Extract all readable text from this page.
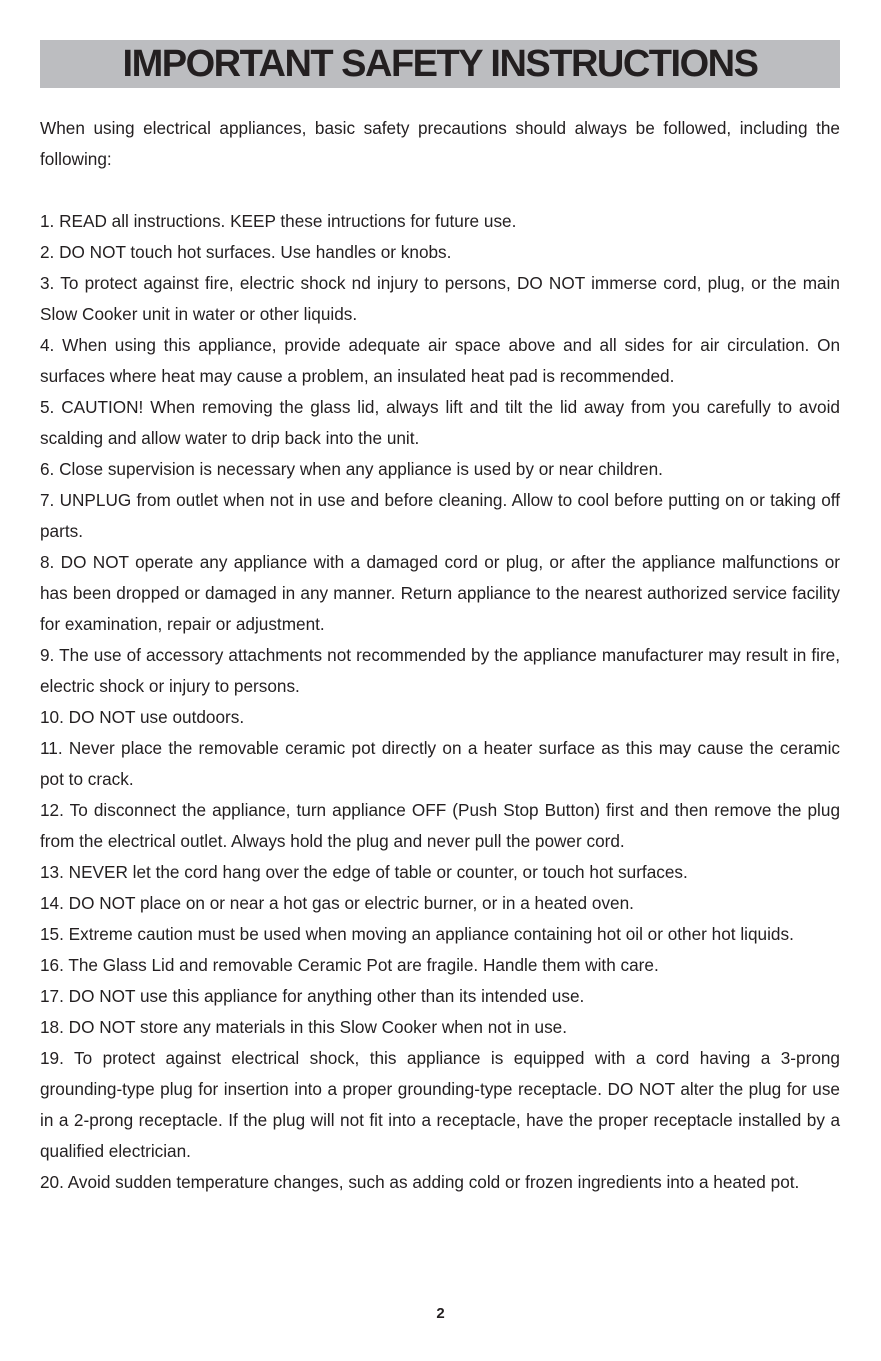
IMPORTANT SAFETY INSTRUCTIONS

When using electrical appliances, basic safety precautions should always be followed, including the following:

1. READ all instructions. KEEP these intructions for future use.

2. DO NOT touch hot surfaces. Use handles or knobs.

3. To protect against fire, electric shock nd injury to persons, DO NOT immerse cord, plug, or the main Slow Cooker unit in water or other liquids.

4. When using this appliance, provide adequate air space above and all sides for air circulation. On surfaces where heat may cause a problem, an insulated heat pad is recommended.

5. CAUTION! When removing the glass lid, always lift and tilt the lid away from you carefully to avoid scalding and allow water to drip back into the unit.

6. Close supervision is necessary when any appliance is used by or near children.

7. UNPLUG from outlet when not in use and before cleaning. Allow to cool before putting on or taking off parts.

8. DO NOT operate any appliance with a damaged cord or plug, or after the appliance malfunctions or has been dropped or damaged in any manner. Return appliance to the nearest authorized service facility for examination, repair or adjustment.

9. The use of accessory attachments not recommended by the appliance manufacturer may result in fire, electric shock or injury to persons.

10. DO NOT use outdoors.

11. Never place the removable ceramic pot directly on a heater surface as this may cause the ceramic pot to crack.

12. To disconnect the appliance, turn appliance OFF (Push Stop Button) first and then remove the plug from the electrical outlet. Always hold the plug and never pull the power cord.

13. NEVER let the cord hang over the edge of table or counter, or touch hot surfaces.

14. DO NOT place on or near a hot gas or electric burner, or in a heated oven.

15. Extreme caution must be used when moving an appliance containing hot oil or other hot liquids.

16. The Glass Lid and removable Ceramic Pot are fragile. Handle them with care.

17. DO NOT use this appliance for anything other than its intended use.

18. DO NOT store any materials in this Slow Cooker when not in use.

19. To protect against electrical shock, this appliance is equipped with a cord having a 3-prong grounding-type plug for insertion into a proper grounding-type receptacle. DO NOT alter the plug for use in a 2-prong receptacle. If the plug will not fit into a receptacle, have the proper receptacle installed by a qualified electrician.

20. Avoid sudden temperature changes, such as adding cold or frozen ingredients into a heated pot.

2
